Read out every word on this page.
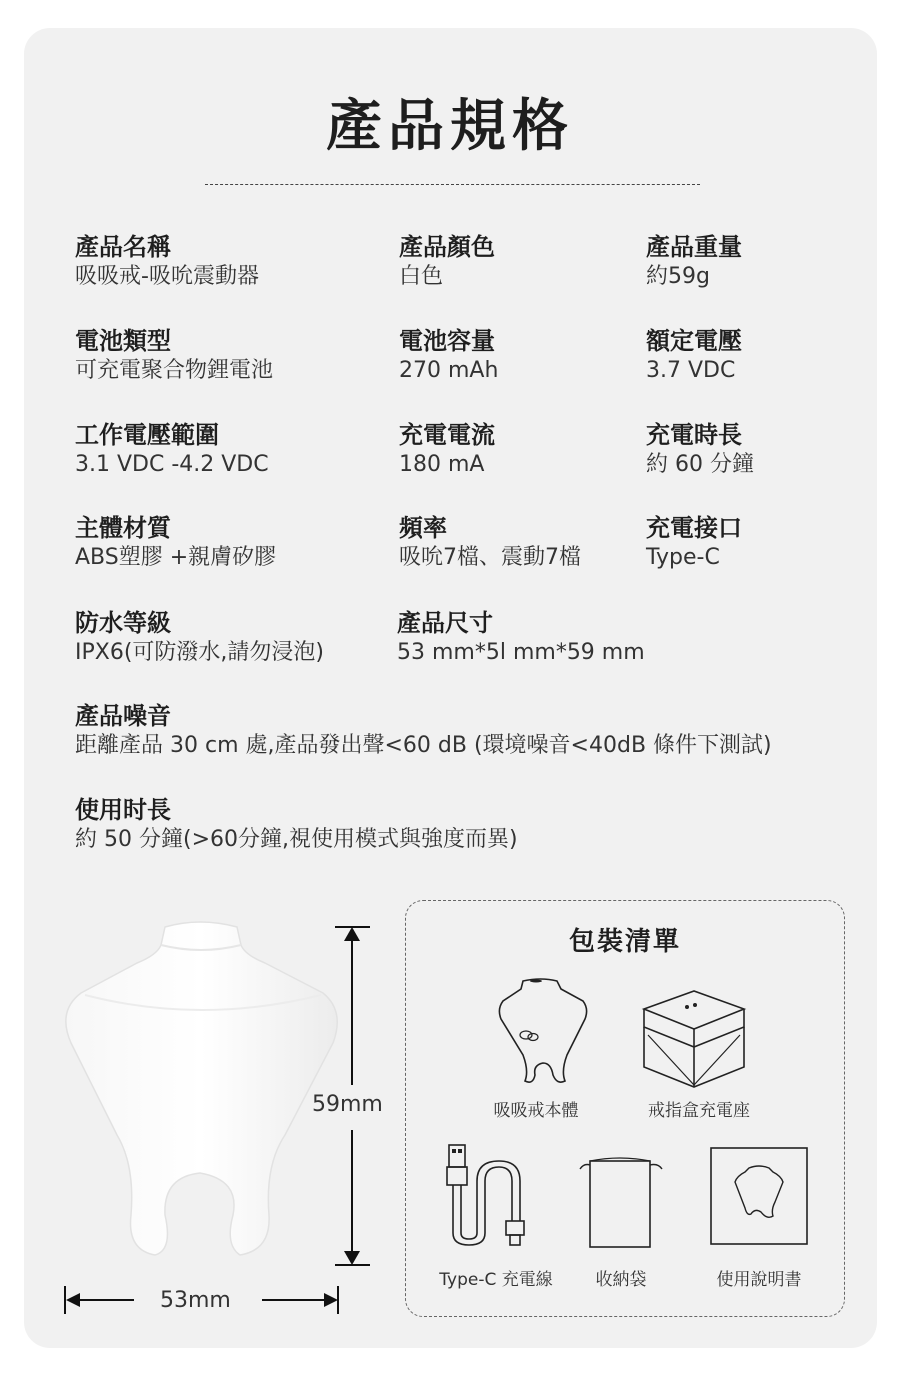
產品規格
產品名稱
吸吸戒-吸吮震動器
產品顏色
白色
產品重量
約59g
電池類型
可充電聚合物鋰電池
電池容量
270 mAh
額定電壓
3.7 VDC
工作電壓範圍
3.1 VDC -4.2 VDC
充電電流
180 mA
充電時長
約 60 分鐘
主體材質
ABS塑膠 +親膚矽膠
頻率
吸吮7檔、震動7檔
充電接口
Type-C
防水等級
IPX6(可防潑水,請勿浸泡)
產品尺寸
53 mm*5l mm*59 mm
產品噪音
距離產品 30 cm 處,產品發出聲<60 dB (環境噪音<40dB 條件下測試)
使用时長
約 50 分鐘(>60分鐘,視使用模式與強度而異)
59mm
53mm
包裝清單
吸吸戒本體	戒指盒充電座
Type-C 充電線	收納袋	使用說明書
